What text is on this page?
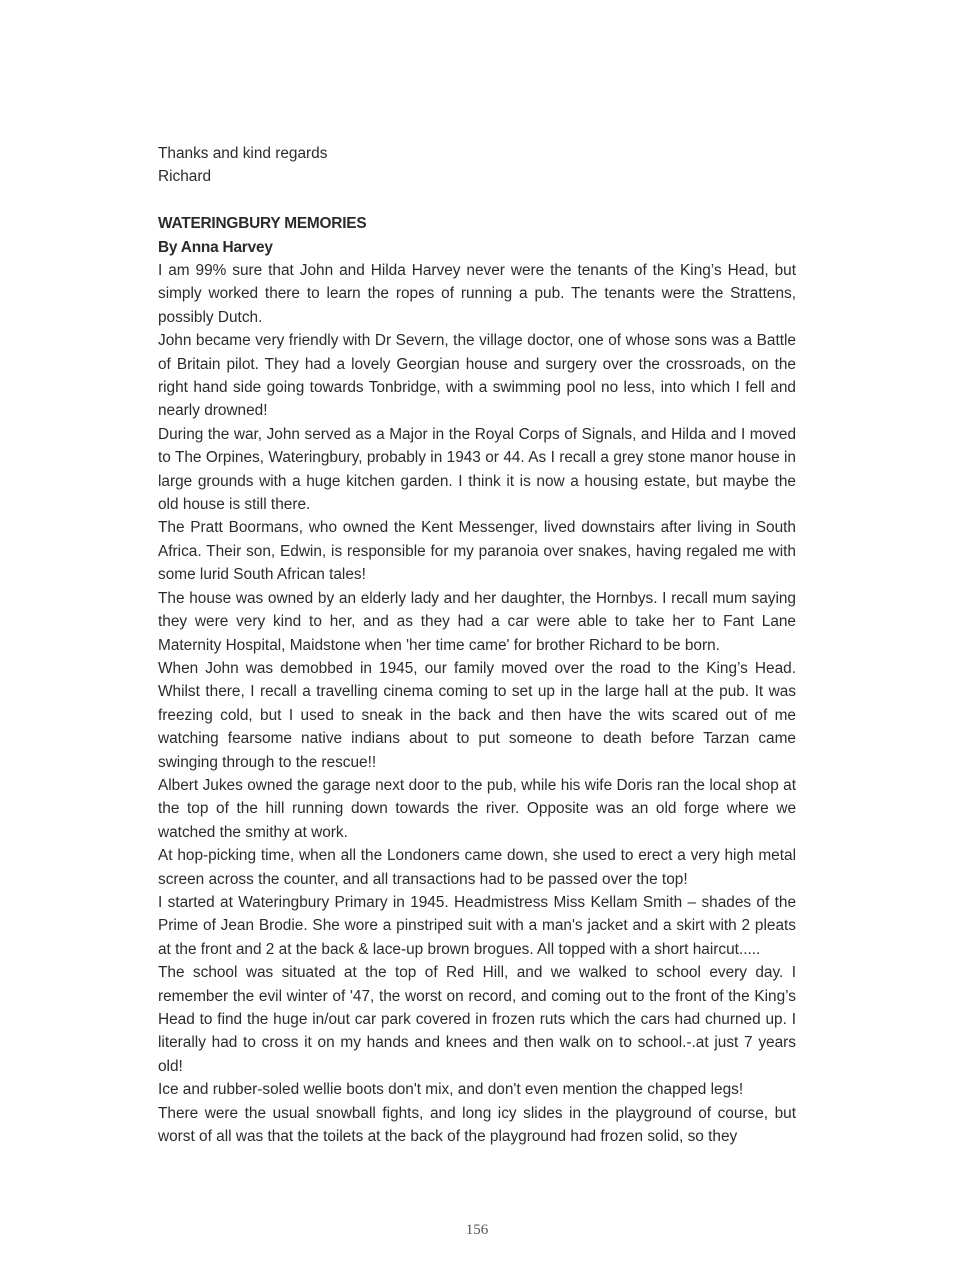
Thanks and kind regards
Richard
WATERINGBURY MEMORIES
By Anna Harvey

I am 99% sure that John and Hilda Harvey never were the tenants of the King’s Head, but simply worked there to learn the ropes of running a pub. The tenants were the Strattens, possibly Dutch.

John became very friendly with Dr Severn, the village doctor, one of whose sons was a Battle of Britain pilot. They had a lovely Georgian house and surgery over the crossroads, on the right hand side going towards Tonbridge, with a swimming pool no less, into which I fell and nearly drowned!

During the war, John served as a Major in the Royal Corps of Signals, and Hilda and I moved to The Orpines, Wateringbury, probably in 1943 or 44. As I recall a grey stone manor house in large grounds with a huge kitchen garden. I think it is now a housing estate, but maybe the old house is still there.

The Pratt Boormans, who owned the Kent Messenger, lived downstairs after living in South Africa. Their son, Edwin, is responsible for my paranoia over snakes, having regaled me with some lurid South African tales!

The house was owned by an elderly lady and her daughter, the Hornbys. I recall mum saying they were very kind to her, and as they had a car were able to take her to Fant Lane Maternity Hospital, Maidstone when 'her time came' for brother Richard to be born.

When John was demobbed in 1945, our family moved over the road to the King’s Head. Whilst there, I recall a travelling cinema coming to set up in the large hall at the pub. It was freezing cold, but I used to sneak in the back and then have the wits scared out of me watching fearsome native indians about to put someone to death before Tarzan came swinging through to the rescue!!

Albert Jukes owned the garage next door to the pub, while his wife Doris ran the local shop at the top of the hill running down towards the river. Opposite was an old forge where we watched the smithy at work.

At hop-picking time, when all the Londoners came down, she used to erect a very high metal screen across the counter, and all transactions had to be passed over the top!

I started at Wateringbury Primary in 1945. Headmistress Miss Kellam Smith – shades of the Prime of Jean Brodie. She wore a pinstriped suit with a man's jacket and a skirt with 2 pleats at the front and 2 at the back & lace-up brown brogues. All topped with a short haircut.....

The school was situated at the top of Red Hill, and we walked to school every day. I remember the evil winter of '47, the worst on record, and coming out to the front of the King’s Head to find the huge in/out car park covered in frozen ruts which the cars had churned up. I literally had to cross it on my hands and knees and then walk on to school.-.at just 7 years old!

Ice and rubber-soled wellie boots don't mix, and don't even mention the chapped legs!

There were the usual snowball fights, and long icy slides in the playground of course, but worst of all was that the toilets at the back of the playground had frozen solid, so they

156
